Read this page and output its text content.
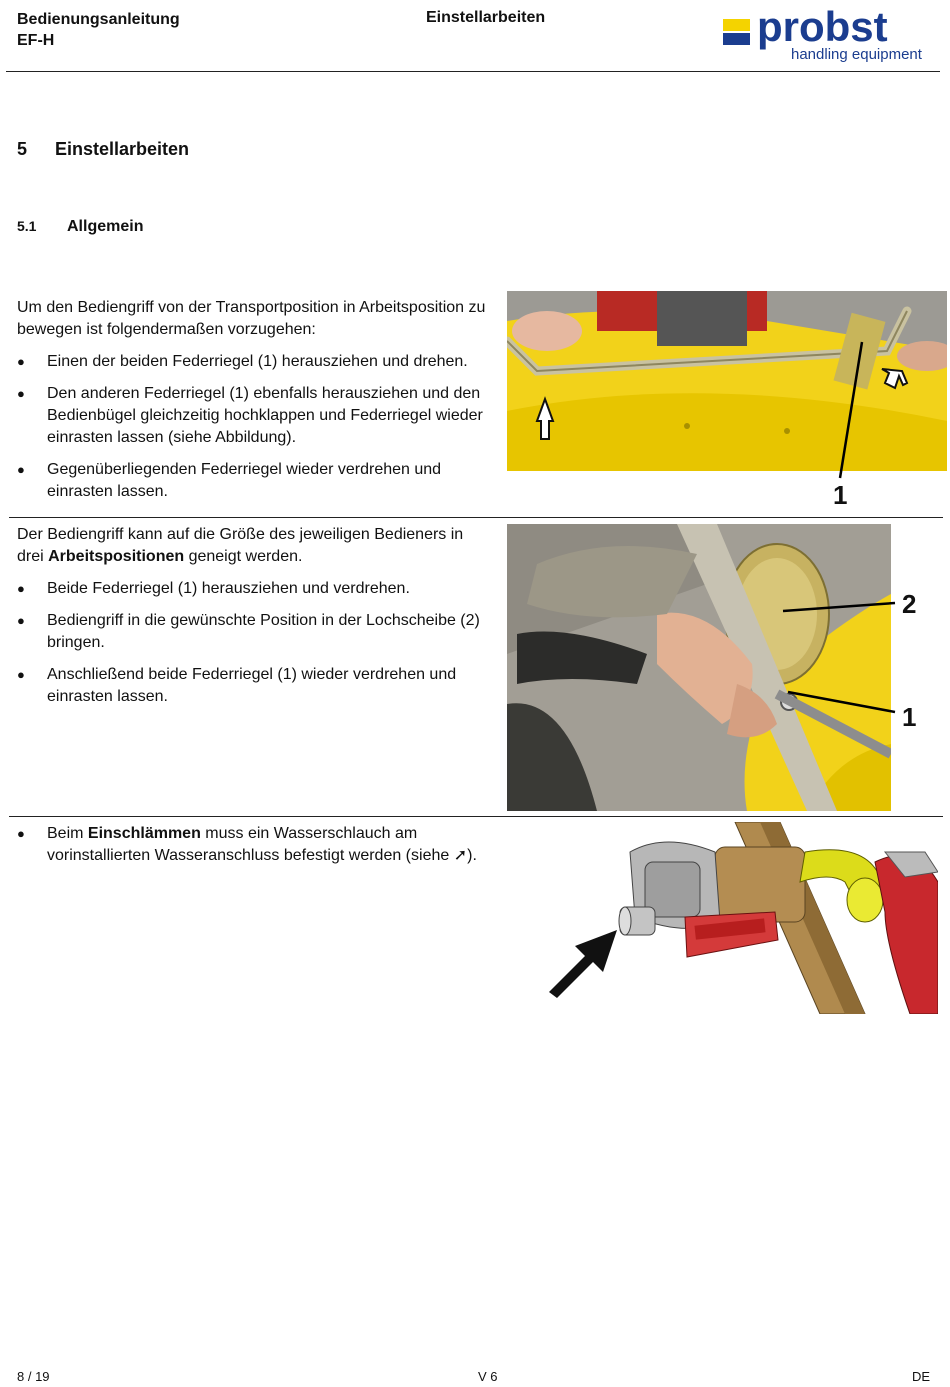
Bedienungsanleitung
EF-H
Einstellarbeiten	probst
handling equipment
5 Einstellarbeiten
5.1 Allgemein
Um den Bediengriff von der Transportposition in Arbeitsposition zu bewegen ist folgendermaßen vorzugehen:
● Einen der beiden Federriegel (1) herausziehen und drehen.
● Den anderen Federriegel (1) ebenfalls herausziehen und den Bedienbügel gleichzeitig hochklappen und Federriegel wieder einrasten lassen (siehe Abbildung).
● Gegenüberliegenden Federriegel wieder verdrehen und einrasten lassen.	1
Der Bediengriff kann auf die Größe des jeweiligen Bedieners in drei Arbeitspositionen geneigt werden.
● Beide Federriegel (1) herausziehen und verdrehen.
● Bediengriff in die gewünschte Position in der Lochscheibe (2) bringen.
● Anschließend beide Federriegel (1) wieder verdrehen und einrasten lassen.
2
1
● Beim Einschlämmen muss ein Wasserschlauch am vorinstallierten Wasseranschluss befestigt werden (siehe ➚).
8 / 19	V 6	DE
